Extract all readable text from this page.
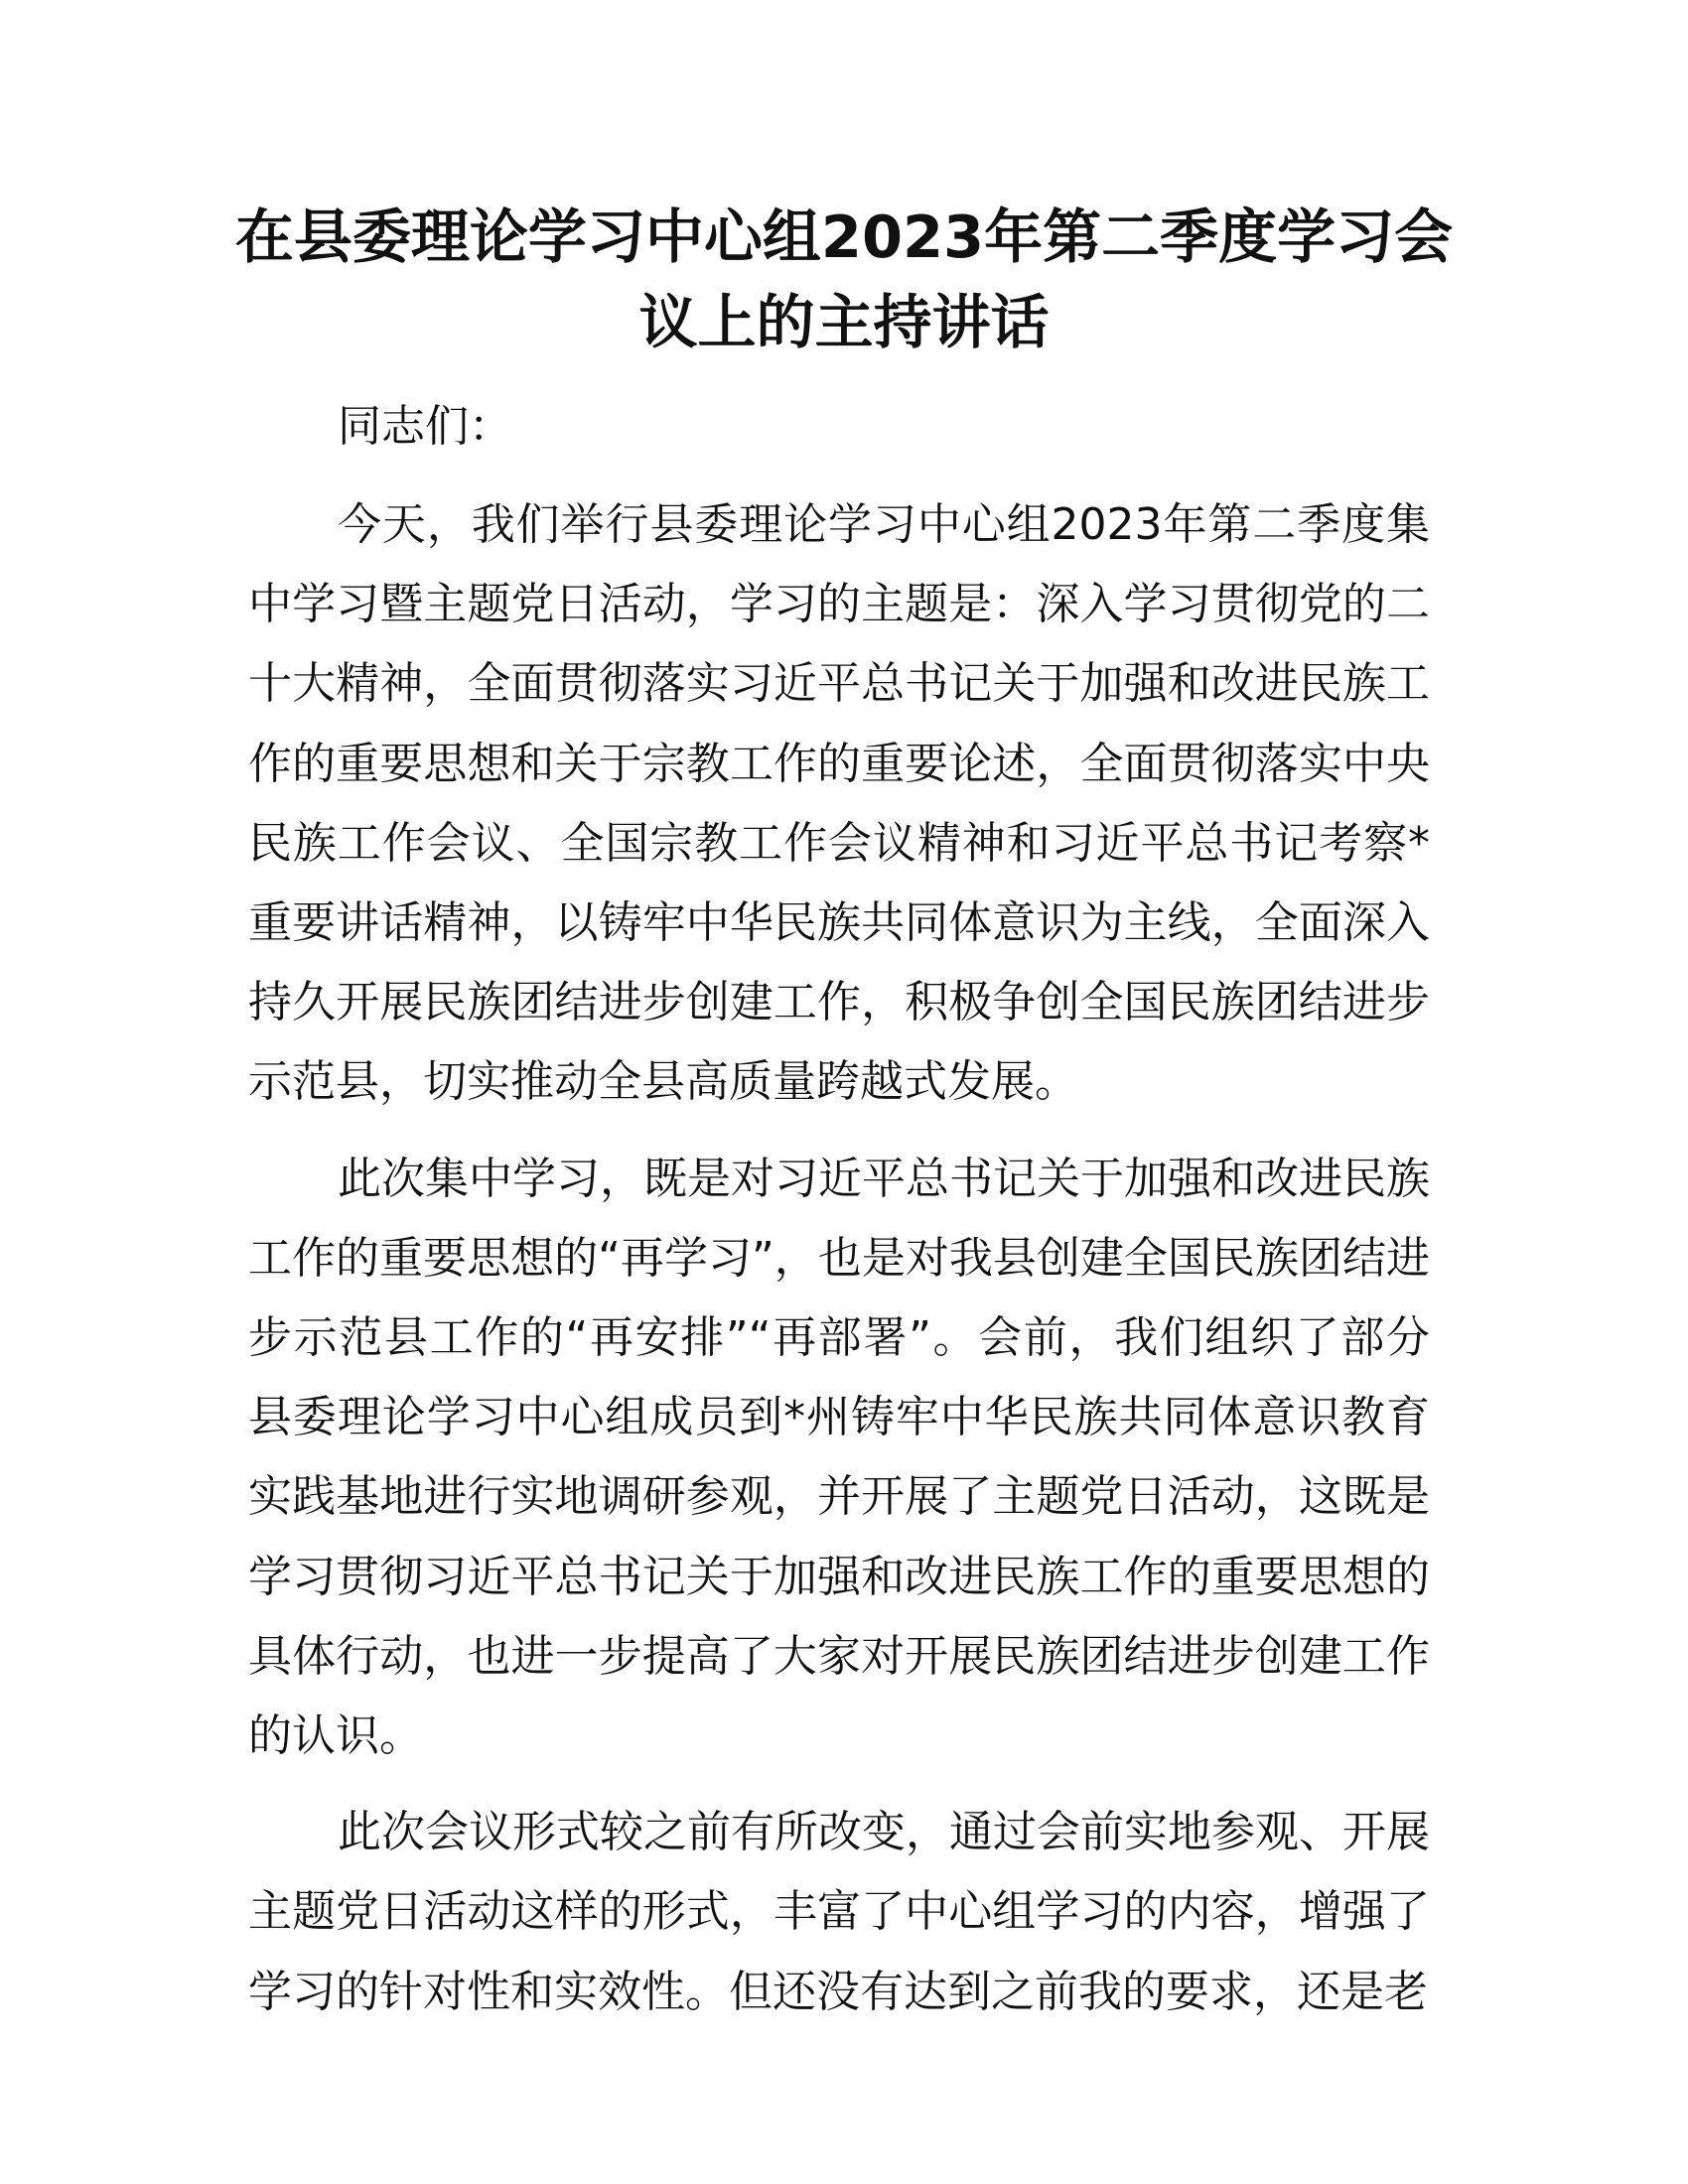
在县委理论学习中心组2023年第二季度学习会议上的主持讲话

同志们：

今天，我们举行县委理论学习中心组2023年第二季度集中学习暨主题党日活动，学习的主题是：深入学习贯彻党的二十大精神，全面贯彻落实习近平总书记关于加强和改进民族工作的重要思想和关于宗教工作的重要论述，全面贯彻落实中央民族工作会议、全国宗教工作会议精神和习近平总书记考察*重要讲话精神，以铸牢中华民族共同体意识为主线，全面深入持久开展民族团结进步创建工作，积极争创全国民族团结进步示范县，切实推动全县高质量跨越式发展。

此次集中学习，既是对习近平总书记关于加强和改进民族工作的重要思想的“再学习”，也是对我县创建全国民族团结进步示范县工作的“再安排”“再部署”。会前，我们组织了部分县委理论学习中心组成员到*州铸牢中华民族共同体意识教育实践基地进行实地调研参观，并开展了主题党日活动，这既是学习贯彻习近平总书记关于加强和改进民族工作的重要思想的具体行动，也进一步提高了大家对开展民族团结进步创建工作的认识。

此次会议形式较之前有所改变，通过会前实地参观、开展主题党日活动这样的形式，丰富了中心组学习的内容，增强了学习的针对性和实效性。但还没有达到之前我的要求，还是老
